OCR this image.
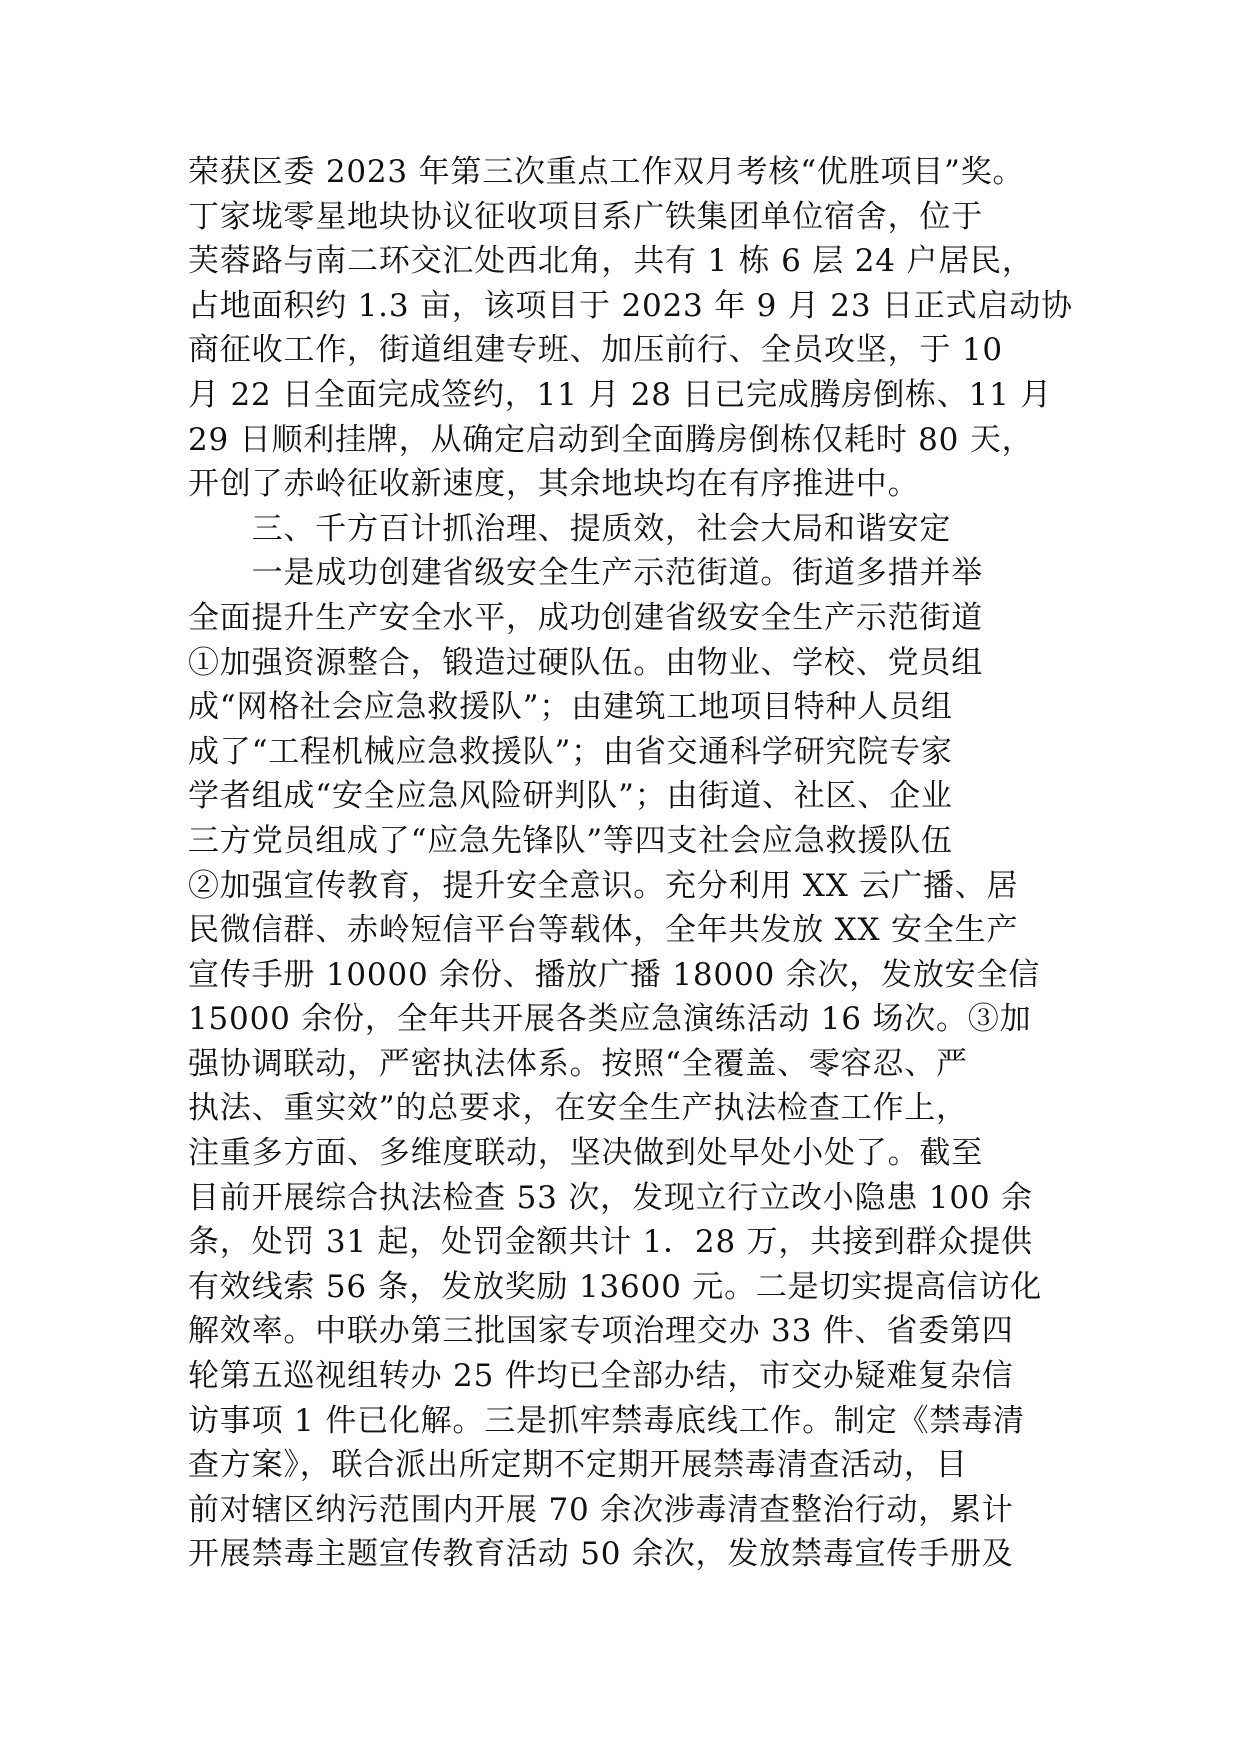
荣获区委 2023 年第三次重点工作双月考核“优胜项目”奖。
丁家垅零星地块协议征收项目系广铁集团单位宿舍，位于
芙蓉路与南二环交汇处西北角，共有 1 栋 6 层 24 户居民，
占地面积约 1.3 亩，该项目于 2023 年 9 月 23 日正式启动协
商征收工作，街道组建专班、加压前行、全员攻坚，于 10
月 22 日全面完成签约，11 月 28 日已完成腾房倒栋、11 月
29 日顺利挂牌，从确定启动到全面腾房倒栋仅耗时 80 天，
开创了赤岭征收新速度，其余地块均在有序推进中。
　　三、千方百计抓治理、提质效，社会大局和谐安定
　　一是成功创建省级安全生产示范街道。街道多措并举
全面提升生产安全水平，成功创建省级安全生产示范街道
①加强资源整合，锻造过硬队伍。由物业、学校、党员组
成“网格社会应急救援队”；由建筑工地项目特种人员组
成了“工程机械应急救援队”；由省交通科学研究院专家
学者组成“安全应急风险研判队”；由街道、社区、企业
三方党员组成了“应急先锋队”等四支社会应急救援队伍
②加强宣传教育，提升安全意识。充分利用 XX 云广播、居
民微信群、赤岭短信平台等载体，全年共发放 XX 安全生产
宣传手册 10000 余份、播放广播 18000 余次，发放安全信
15000 余份，全年共开展各类应急演练活动 16 场次。③加
强协调联动，严密执法体系。按照“全覆盖、零容忍、严
执法、重实效”的总要求，在安全生产执法检查工作上，
注重多方面、多维度联动，坚决做到处早处小处了。截至
目前开展综合执法检查 53 次，发现立行立改小隐患 100 余
条，处罚 31 起，处罚金额共计 1．28 万，共接到群众提供
有效线索 56 条，发放奖励 13600 元。二是切实提高信访化
解效率。中联办第三批国家专项治理交办 33 件、省委第四
轮第五巡视组转办 25 件均已全部办结，市交办疑难复杂信
访事项 1 件已化解。三是抓牢禁毒底线工作。制定《禁毒清
查方案》，联合派出所定期不定期开展禁毒清查活动，目
前对辖区纳污范围内开展 70 余次涉毒清查整治行动，累计
开展禁毒主题宣传教育活动 50 余次，发放禁毒宣传手册及
